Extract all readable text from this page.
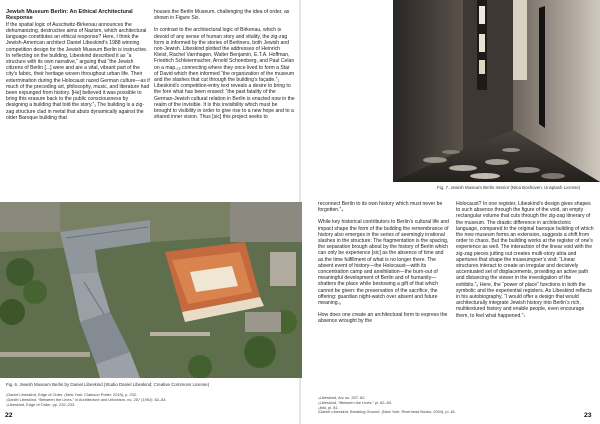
Jewish Museum Berlin: An Ethical Architectural Response

If the spatial logic of Auschwitz-Birkenau announces the dehumanizing, destructive aims of Nazism, which architectural language constitutes an ethical response? Here, I think the Jewish-American architect Daniel Libeskind’s 1988 winning competition design for the Jewish Museum Berlin is instructive. In reflecting on the building, Libeskind described it as “a structure with its own narrative,” arguing that “the Jewish citizens of Berlin [...] were and are a vital, vibrant part of the city’s fabric, their heritage woven throughout urban life. Their extermination during the Holocaust razed German culture—as if much of the preceding art, philosophy, music, and literature had been expunged from history. [He] believed it was possible to bring this erasure back to the public consciousness by designing a building that told the story.”₁ The building is a zig-zag structure clad in metal that abuts dynamically against the older Baroque building that

houses the Berlin Museum, challenging the idea of order, as shown in Figure Six.

In contrast to the architectural logic of Birkenau, which is devoid of any sense of human story and vitality, the zig-zag form is informed by the stories of Berliners, both Jewish and non-Jewish. Libeskind plotted the addresses of Heinrich Kleist, Rachel Varnhagen, Walter Benjamin, E.T.A. Hoffman, Friedrich Schleiermacher, Arnold Schoenberg, and Paul Celan on a map,₂₅ connecting where they once lived to form a Star of David which then informed “the organization of the museum and the slashes that cut through the building’s façade.”₂ Libeskind’s competition-entry text reveals a desire to bring to the fore what has been erased: “the past fatality of the German-Jewish cultural relation in Berlin is enacted now in the realm of the invisible. It is this invisibility which must be brought to visibility in order to give rise to a new hope and to a shared inner vision. Thus [sic] this project seeks to

Fig. 7. Jewish Museum Berlin Interior (Nina Boshoven, Unsplash License)
Fig. 6. Jewish Museum Berlin by Daniel Libeskind (Studio Daniel Libeskind; Creative Commons License)
₁Daniel Libeskind, Edge of Order. (New York: Clarkson Potter, 2018), p. 232.
₂Daniel Libeskind, “Between the Lines,” in Architecture and Urbanism, no. 257 (1992): 82–83.
₃Libeskind, Edge of Order. pp. 232–233.
22

reconnect Berlin to its own history which must never be forgotten.”₄

While key historical contributors to Berlin’s cultural life and impact shape the form of the building the remembrance of history also emerges in the series of seemingly irrational slashes in the structure: The fragmentation is the spacing, the separation brough about by the history of Berlin which can only be experience [sic] as the absence of time and as the time fulfillment of what is no longer there. The absent event of history—the Holocaust—with its concentration camp and annihilation—the burn-out of meaningful development of Berlin and of humanity—shatters the place while bestowing a gift of that which cannot be given: the preservation of the sacrifice, the offering: guardian night-watch over absent and future meaning.₅

How does one create an architectural form to express the absence wrought by the

Holocaust? In one register, Libeskind’s design gives shapes to such absence through the figure of the void, an empty rectangular volume that cuts through the zig-zag itinerary of the museum. The drastic difference in architectonic language, compared to the original baroque building of which the new museum forms an extension, suggests a shift from order to chaos. But the building works at the register of one’s experience as well. The interaction of the linear void with the zig-zag pieces jutting out creates multi-story atria and apertures that shape the museumgoer’s visit: “Linear structures interact to create an irregular and decisively accentuated set of displacements, providing an active path and distancing the viewer in the investigation of the exhibits.”₆ Here, the “power of place” functions in both the symbolic and the experiential registers. As Libeskind reflects in his autobiography, “I would offer a design that would architecturally integrate Jewish history into Berlin’s rich, multitextured history and enable people, even encourage them, to feel what happened.”₇

₄Libeskind, Arc no. 257: 82.
₅Libeskind, “Between the Lines,” pl. 82–83.
₆Ibid, pl. 81.
₇Daniel Libeskind, Breaking Ground. (New York: Riverhead Books, 2004), pl. 81.
23
